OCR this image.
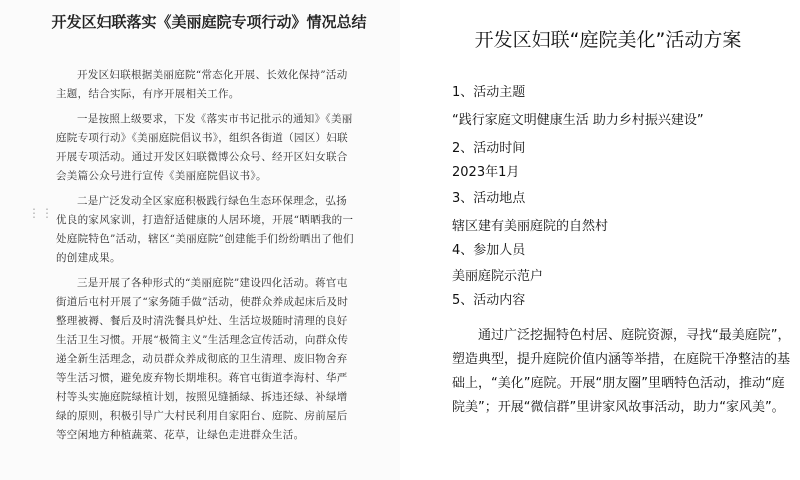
开发区妇联落实《美丽庭院专项行动》情况总结
⋮⋮

开发区妇联根据美丽庭院“常态化开展、长效化保持”活动主题，结合实际，有序开展相关工作。

一是按照上级要求，下发《落实市书记批示的通知》《美丽庭院专项行动》《美丽庭院倡议书》，组织各街道（园区）妇联开展专项活动。通过开发区妇联微博公众号、经开区妇女联合会美篇公众号进行宣传《美丽庭院倡议书》。

二是广泛发动全区家庭积极践行绿色生态环保理念，弘扬优良的家风家训，打造舒适健康的人居环境，开展“晒晒我的一处庭院特色”活动，辖区“美丽庭院”创建能手们纷纷晒出了他们的创建成果。

三是开展了各种形式的“美丽庭院”建设四化活动。蒋官屯街道后屯村开展了“家务随手做”活动，使群众养成起床后及时整理被褥、餐后及时清洗餐具炉灶、生活垃圾随时清理的良好生活卫生习惯。开展“极简主义”生活理念宣传活动，向群众传递全新生活理念，动员群众养成彻底的卫生清理、废旧物舍弃等生活习惯，避免废弃物长期堆积。蒋官屯街道李海村、华严村等头实施庭院绿植计划，按照见缝插绿、拆违还绿、补绿增绿的原则，积极引导广大村民利用自家阳台、庭院、房前屋后等空闲地方种植蔬菜、花草，让绿色走进群众生活。

开发区妇联“庭院美化”活动方案
1、活动主题
“践行家庭文明健康生活 助力乡村振兴建设”
2、活动时间
2023年1月
3、活动地点
辖区建有美丽庭院的自然村
4、参加人员
美丽庭院示范户
5、活动内容

通过广泛挖掘特色村居、庭院资源，寻找“最美庭院”，塑造典型，提升庭院价值内涵等举措，在庭院干净整洁的基础上，“美化”庭院。开展“朋友圈”里晒特色活动，推动“庭院美”；开展“微信群”里讲家风故事活动，助力“家风美”。
